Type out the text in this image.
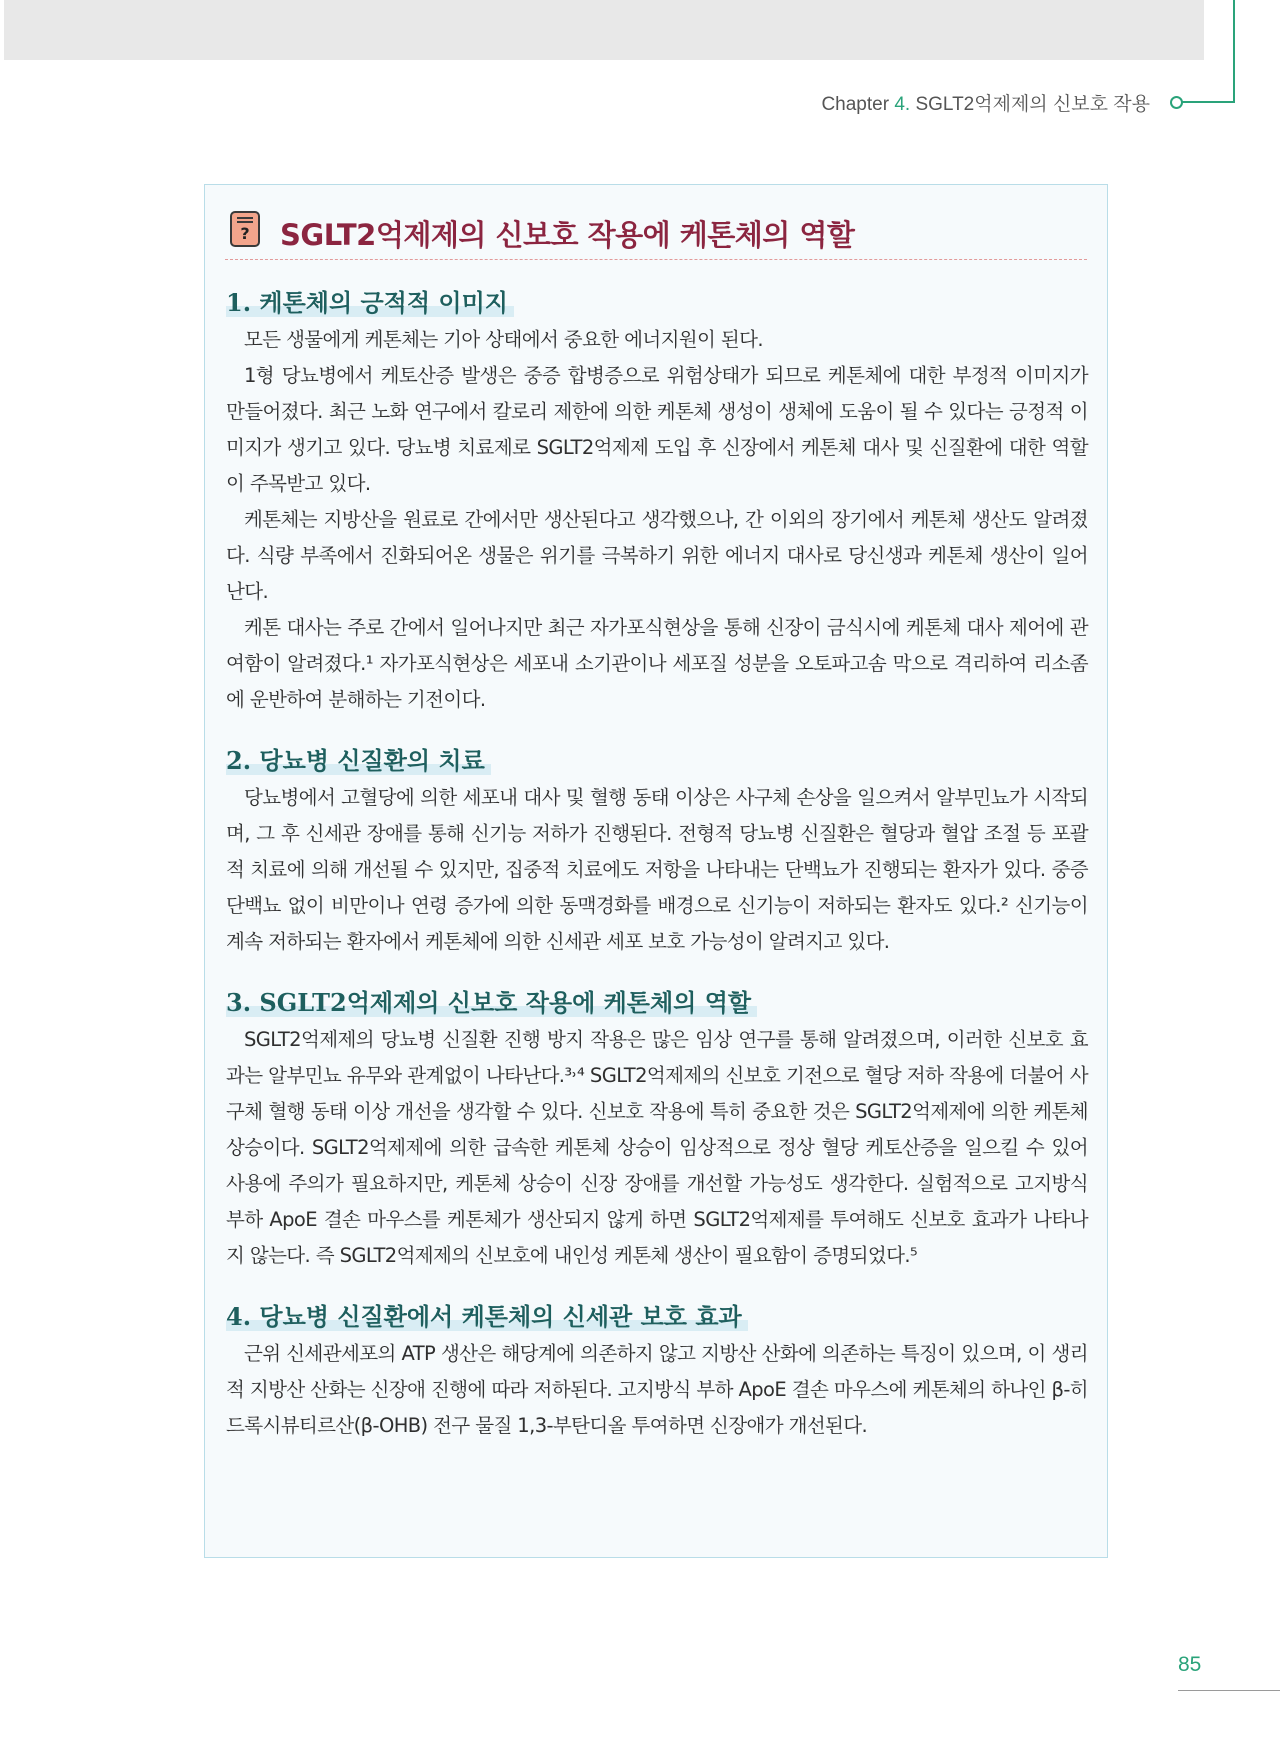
Chapter 4. SGLT2억제제의 신보호 작용
? SGLT2억제제의 신보호 작용에 케톤체의 역할
1. 케톤체의 긍적적 이미지

모든 생물에게 케톤체는 기아 상태에서 중요한 에너지원이 된다.

1형 당뇨병에서 케토산증 발생은 중증 합병증으로 위험상태가 되므로 케톤체에 대한 부정적 이미지가 만들어졌다. 최근 노화 연구에서 칼로리 제한에 의한 케톤체 생성이 생체에 도움이 될 수 있다는 긍정적 이미지가 생기고 있다. 당뇨병 치료제로 SGLT2억제제 도입 후 신장에서 케톤체 대사 및 신질환에 대한 역할이 주목받고 있다.

케톤체는 지방산을 원료로 간에서만 생산된다고 생각했으나, 간 이외의 장기에서 케톤체 생산도 알려졌다. 식량 부족에서 진화되어온 생물은 위기를 극복하기 위한 에너지 대사로 당신생과 케톤체 생산이 일어난다.

케톤 대사는 주로 간에서 일어나지만 최근 자가포식현상을 통해 신장이 금식시에 케톤체 대사 제어에 관여함이 알려졌다.¹ 자가포식현상은 세포내 소기관이나 세포질 성분을 오토파고솜 막으로 격리하여 리소좀에 운반하여 분해하는 기전이다.

2. 당뇨병 신질환의 치료

당뇨병에서 고혈당에 의한 세포내 대사 및 혈행 동태 이상은 사구체 손상을 일으켜서 알부민뇨가 시작되며, 그 후 신세관 장애를 통해 신기능 저하가 진행된다. 전형적 당뇨병 신질환은 혈당과 혈압 조절 등 포괄적 치료에 의해 개선될 수 있지만, 집중적 치료에도 저항을 나타내는 단백뇨가 진행되는 환자가 있다. 중증 단백뇨 없이 비만이나 연령 증가에 의한 동맥경화를 배경으로 신기능이 저하되는 환자도 있다.² 신기능이 계속 저하되는 환자에서 케톤체에 의한 신세관 세포 보호 가능성이 알려지고 있다.

3. SGLT2억제제의 신보호 작용에 케톤체의 역할

SGLT2억제제의 당뇨병 신질환 진행 방지 작용은 많은 임상 연구를 통해 알려졌으며, 이러한 신보호 효과는 알부민뇨 유무와 관계없이 나타난다.³˒⁴ SGLT2억제제의 신보호 기전으로 혈당 저하 작용에 더불어 사구체 혈행 동태 이상 개선을 생각할 수 있다. 신보호 작용에 특히 중요한 것은 SGLT2억제제에 의한 케톤체 상승이다. SGLT2억제제에 의한 급속한 케톤체 상승이 임상적으로 정상 혈당 케토산증을 일으킬 수 있어 사용에 주의가 필요하지만, 케톤체 상승이 신장 장애를 개선할 가능성도 생각한다. 실험적으로 고지방식 부하 ApoE 결손 마우스를 케톤체가 생산되지 않게 하면 SGLT2억제제를 투여해도 신보호 효과가 나타나지 않는다. 즉 SGLT2억제제의 신보호에 내인성 케톤체 생산이 필요함이 증명되었다.⁵

4. 당뇨병 신질환에서 케톤체의 신세관 보호 효과

근위 신세관세포의 ATP 생산은 해당계에 의존하지 않고 지방산 산화에 의존하는 특징이 있으며, 이 생리적 지방산 산화는 신장애 진행에 따라 저하된다. 고지방식 부하 ApoE 결손 마우스에 케톤체의 하나인 β-히드록시뷰티르산(β-OHB) 전구 물질 1,3-부탄디올 투여하면 신장애가 개선된다.

85
